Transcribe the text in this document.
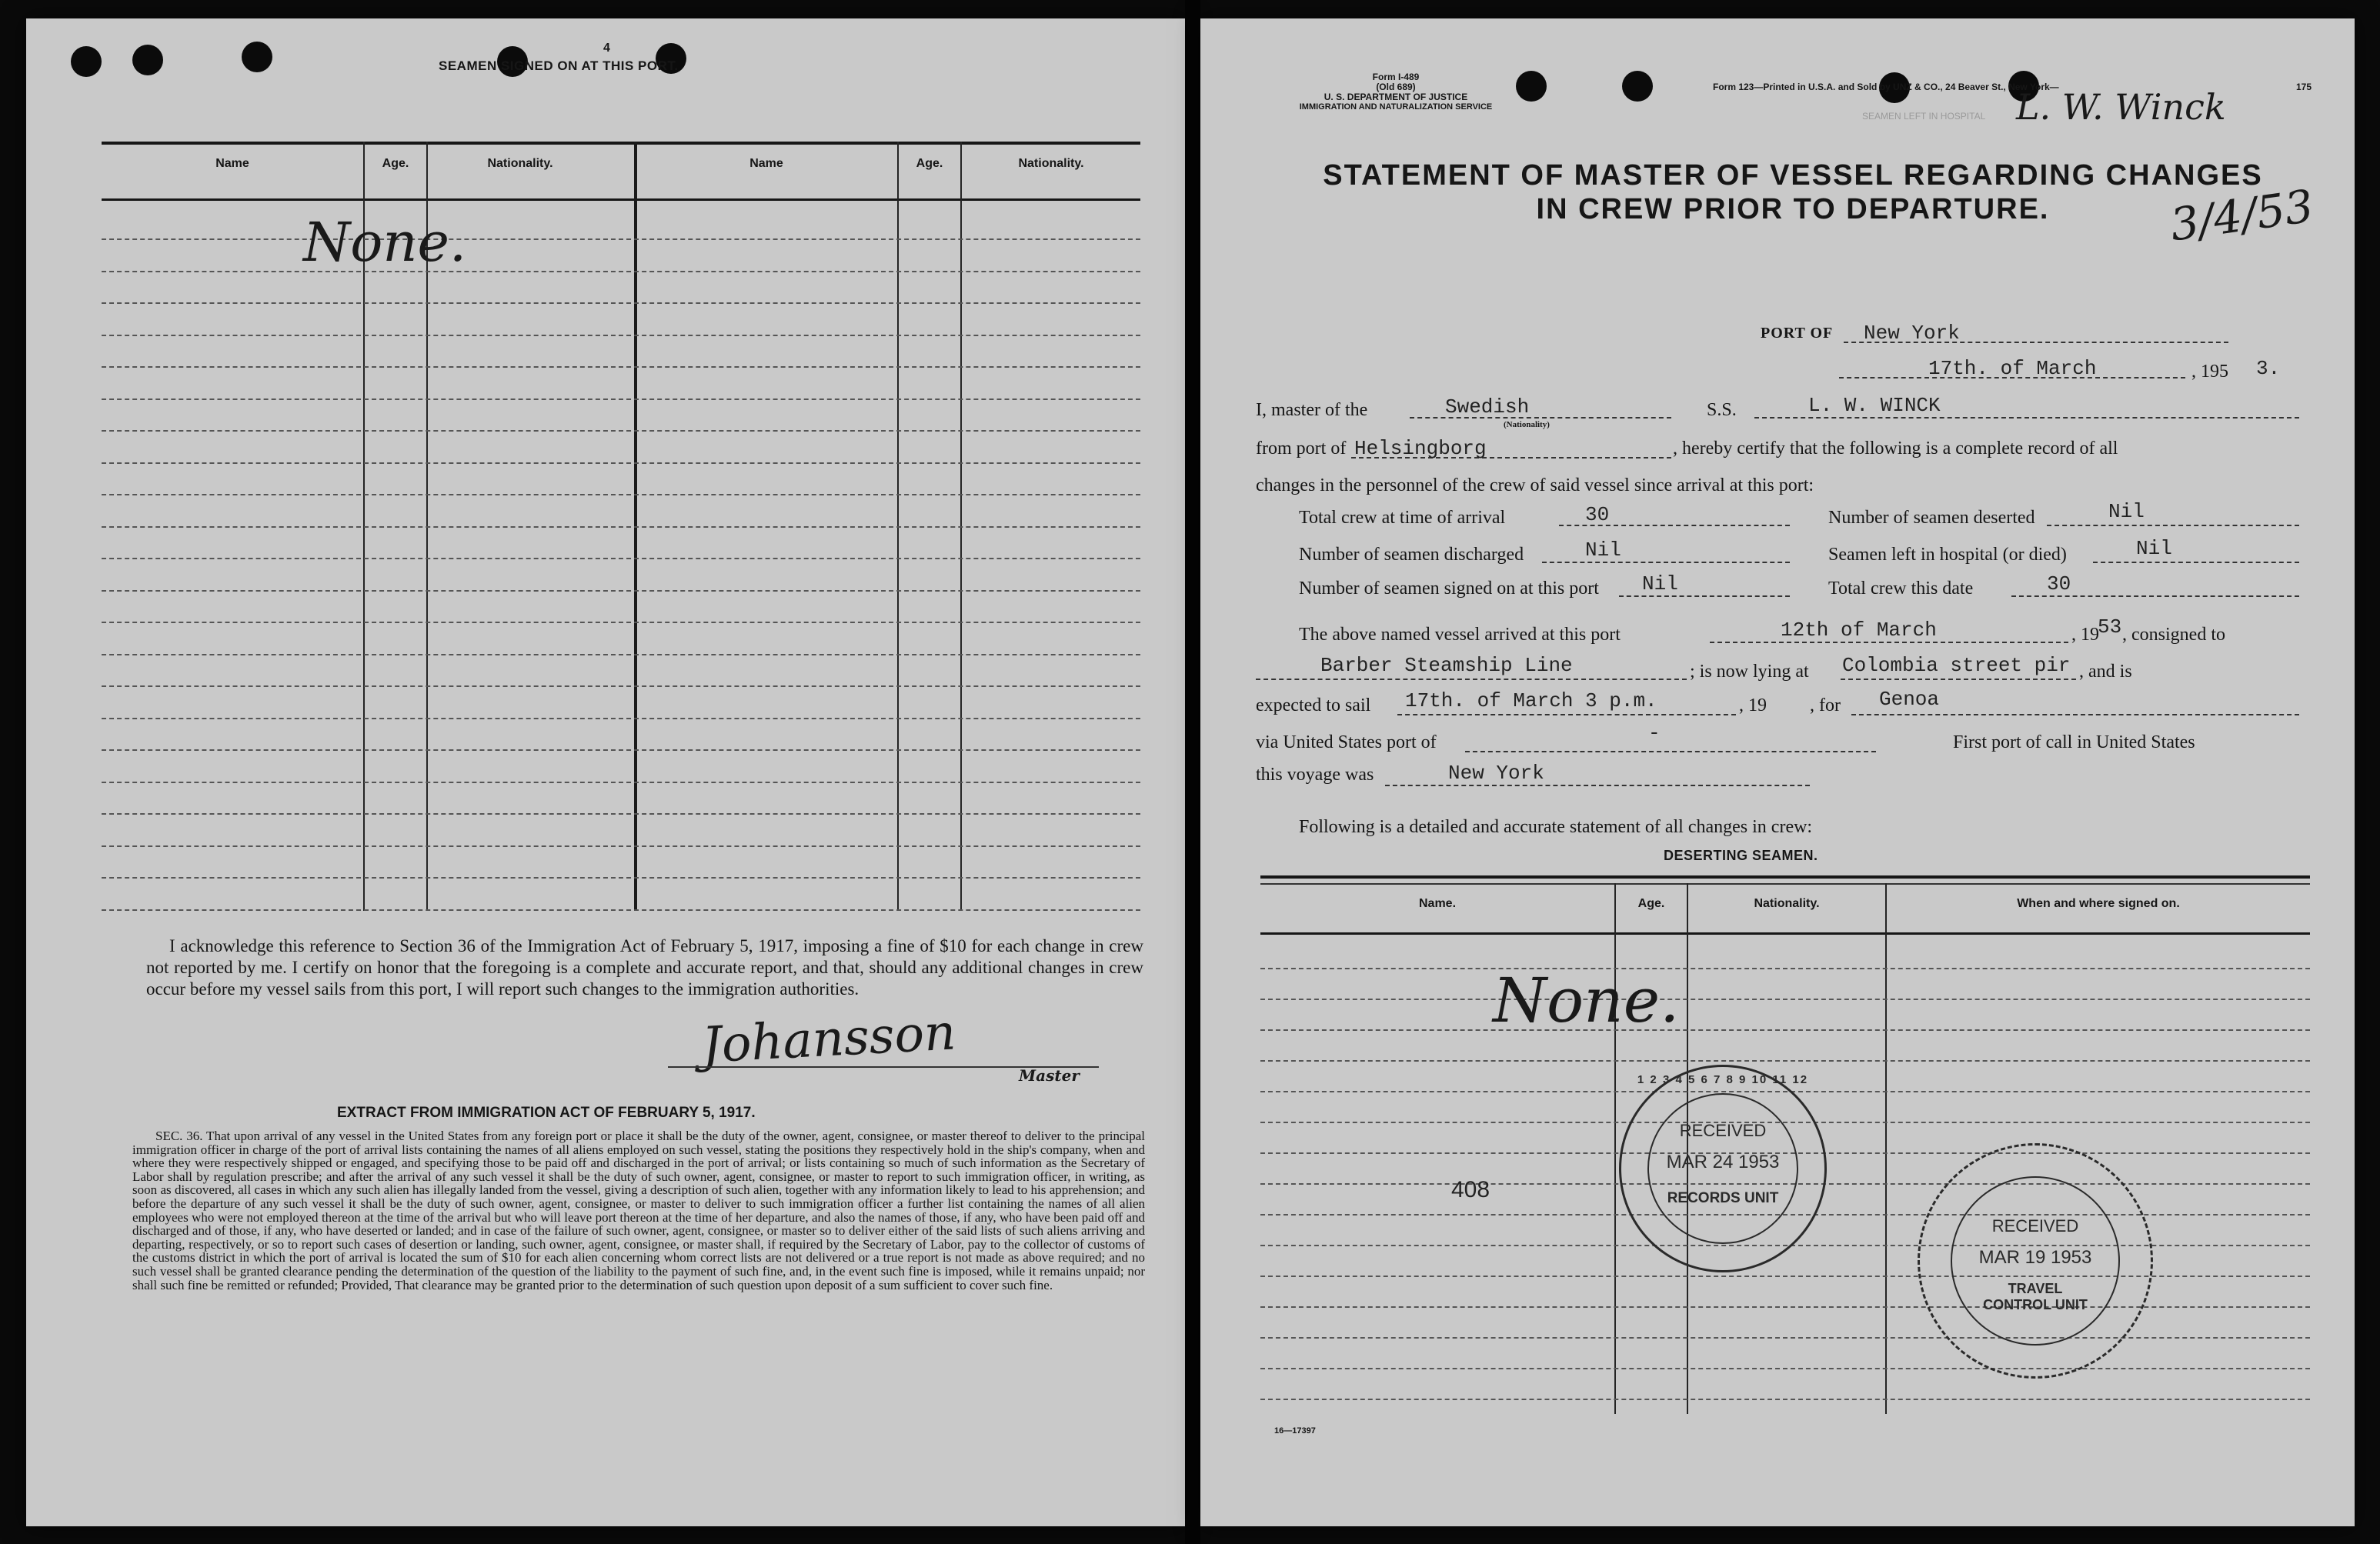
4
SEAMEN SIGNED ON AT THIS PORT.
Name	Age.	Nationality.	Name	Age.	Nationality.
None.
I acknowledge this reference to Section 36 of the Immigration Act of February 5, 1917, imposing a fine of $10 for each change in crew not reported by me. I certify on honor that the foregoing is a complete and accurate report, and that, should any additional changes in crew occur before my vessel sails from this port, I will report such changes to the immigration authorities.
Johansson
Master
EXTRACT FROM IMMIGRATION ACT OF FEBRUARY 5, 1917.
SEC. 36. That upon arrival of any vessel in the United States from any foreign port or place it shall be the duty of the owner, agent, consignee, or master thereof to deliver to the principal immigration officer in charge of the port of arrival lists containing the names of all aliens employed on such vessel, stating the positions they respectively hold in the ship's company, when and where they were respectively shipped or engaged, and specifying those to be paid off and discharged in the port of arrival; or lists containing so much of such information as the Secretary of Labor shall by regulation prescribe; and after the arrival of any such vessel it shall be the duty of such owner, agent, consignee, or master to report to such immigration officer, in writing, as soon as discovered, all cases in which any such alien has illegally landed from the vessel, giving a description of such alien, together with any information likely to lead to his apprehension; and before the departure of any such vessel it shall be the duty of such owner, agent, consignee, or master to deliver to such immigration officer a further list containing the names of all alien employees who were not employed thereon at the time of the arrival but who will leave port thereon at the time of her departure, and also the names of those, if any, who have been paid off and discharged and of those, if any, who have deserted or landed; and in case of the failure of such owner, agent, consignee, or master so to deliver either of the said lists of such aliens arriving and departing, respectively, or so to report such cases of desertion or landing, such owner, agent, consignee, or master shall, if required by the Secretary of Labor, pay to the collector of customs of the customs district in which the port of arrival is located the sum of $10 for each alien concerning whom correct lists are not delivered or a true report is not made as above required; and no such vessel shall be granted clearance pending the determination of the question of the liability to the payment of such fine, and, in the event such fine is imposed, while it remains unpaid; nor shall such fine be remitted or refunded; Provided, That clearance may be granted prior to the determination of such question upon deposit of a sum sufficient to cover such fine.
Form I-489
(Old 689)
U. S. DEPARTMENT OF JUSTICE
IMMIGRATION AND NATURALIZATION SERVICE
Form 123—Printed in U.S.A. and Sold by UNZ & CO., 24 Beaver St., New York—	175
SEAMEN LEFT IN HOSPITAL L. W. Winck
3/4/53
STATEMENT OF MASTER OF VESSEL REGARDING CHANGES
IN CREW PRIOR TO DEPARTURE.
PORT OF New York
17th. of March	, 195 3.
I, master of the	Swedish
(Nationality)
S.S.	L. W. WINCK
from port of Helsingborg	, hereby certify that the following is a complete record of all
changes in the personnel of the crew of said vessel since arrival at this port:
Total crew at time of arrival	30	Number of seamen deserted	Nil
Number of seamen discharged	Nil	Seamen left in hospital (or died)	Nil
Number of seamen signed on at this port Nil	Total crew this date	30
The above named vessel arrived at this port	12th of March	, 19
53 , consigned to
Barber Steamship Line	; is now lying at Colombia street pir , and is
expected to sail 17th. of March 3 p.m.	, 19 , for Genoa
via United States port of	-	First port of call in United States
this voyage was	New York
Following is a detailed and accurate statement of all changes in crew:
DESERTING SEAMEN.
Name.	Age.	Nationality.	When and where signed on.
None.
408
1 2 3 4 5 6 7 8 9 10 11 12
RECEIVED
MAR 24 1953
RECORDS UNIT
RECEIVED
MAR 19 1953
TRAVEL CONTROL UNIT
16—17397
